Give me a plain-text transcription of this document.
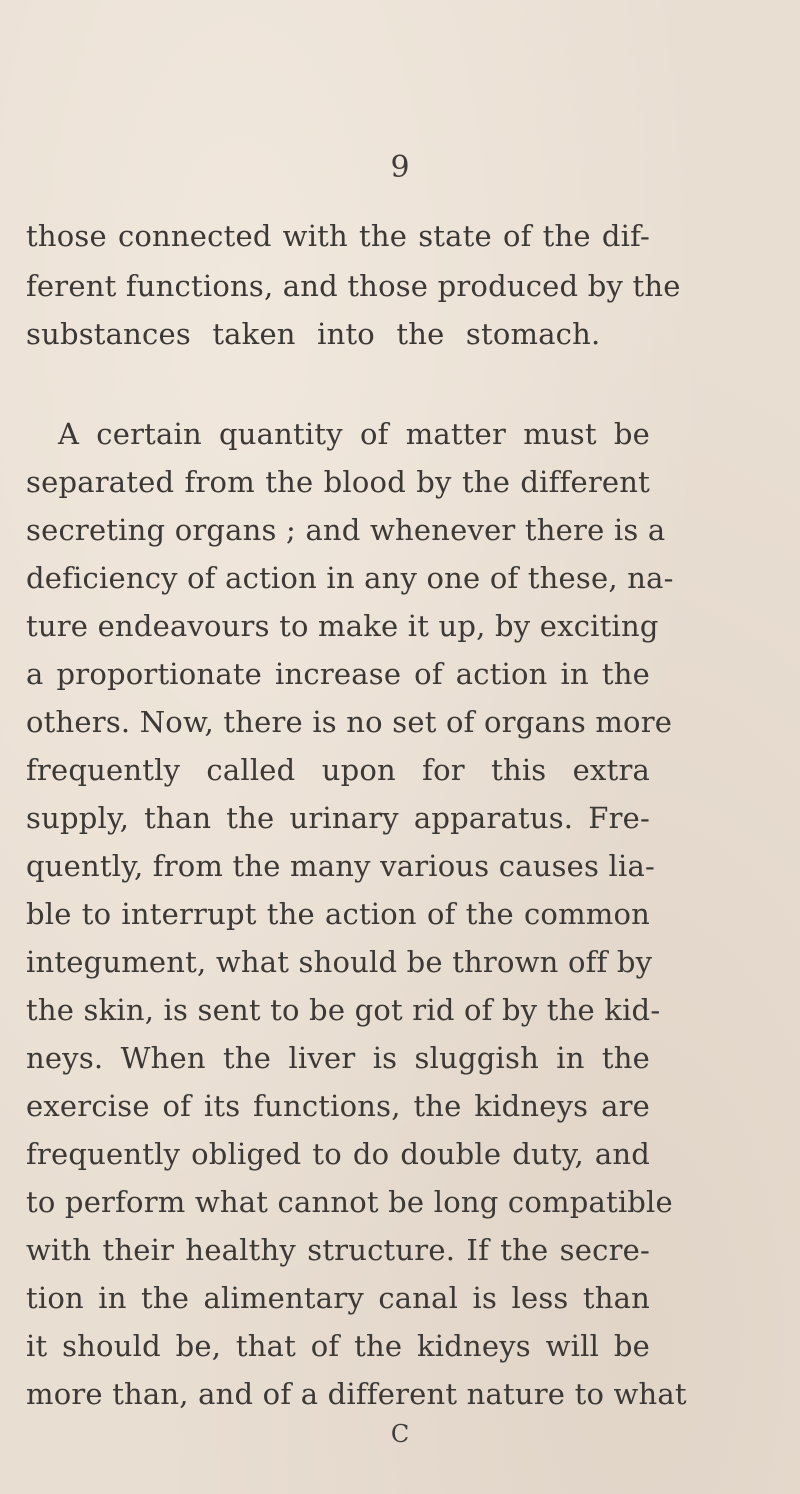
9
those connected with the state of the dif-
ferent functions, and those produced by the
substances taken into the stomach.
A certain quantity of matter must be
separated from the blood by the different
secreting organs ; and whenever there is a
deficiency of action in any one of these, na-
ture endeavours to make it up, by exciting
a proportionate increase of action in the
others. Now, there is no set of organs more
frequently called upon for this extra
supply, than the urinary apparatus. Fre-
quently, from the many various causes lia-
ble to interrupt the action of the common
integument, what should be thrown off by
the skin, is sent to be got rid of by the kid-
neys. When the liver is sluggish in the
exercise of its functions, the kidneys are
frequently obliged to do double duty, and
to perform what cannot be long compatible
with their healthy structure. If the secre-
tion in the alimentary canal is less than
it should be, that of the kidneys will be
more than, and of a different nature to what
C
